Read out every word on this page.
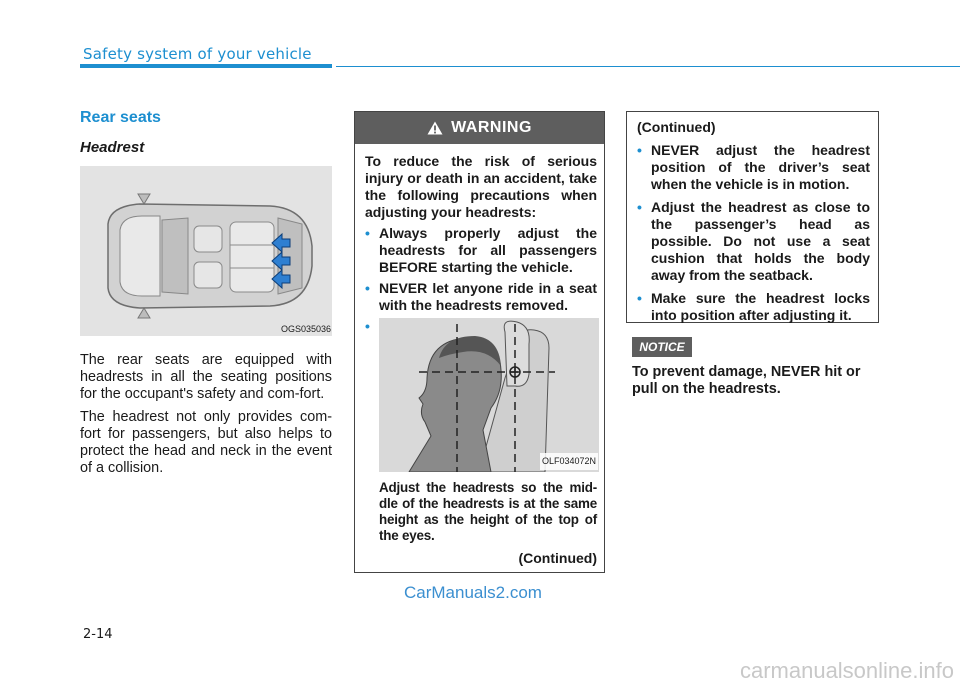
Safety system of your vehicle
Rear seats
Headrest
OGS035036

The rear seats are equipped with headrests in all the seating positions for the occupant's safety and com-fort.

The headrest not only provides com-fort for passengers, but also helps to protect the head and neck in the event of a collision.

WARNING

To reduce the risk of serious injury or death in an accident, take the following precautions when adjusting your headrests:

• Always properly adjust the headrests for all passengers BEFORE starting the vehicle.
• NEVER let anyone ride in a seat with the headrests removed.
•
OLF034072N

Adjust the headrests so the mid-dle of the headrests is at the same height as the height of the top of the eyes.

(Continued)
(Continued)
• NEVER adjust the headrest position of the driver’s seat when the vehicle is in motion.
• Adjust the headrest as close to the passenger’s head as possible. Do not use a seat cushion that holds the body away from the seatback.
• Make sure the headrest locks into position after adjusting it.
NOTICE

To prevent damage, NEVER hit or pull on the headrests.

CarManuals2.com
2-14
carmanualsonline.info
